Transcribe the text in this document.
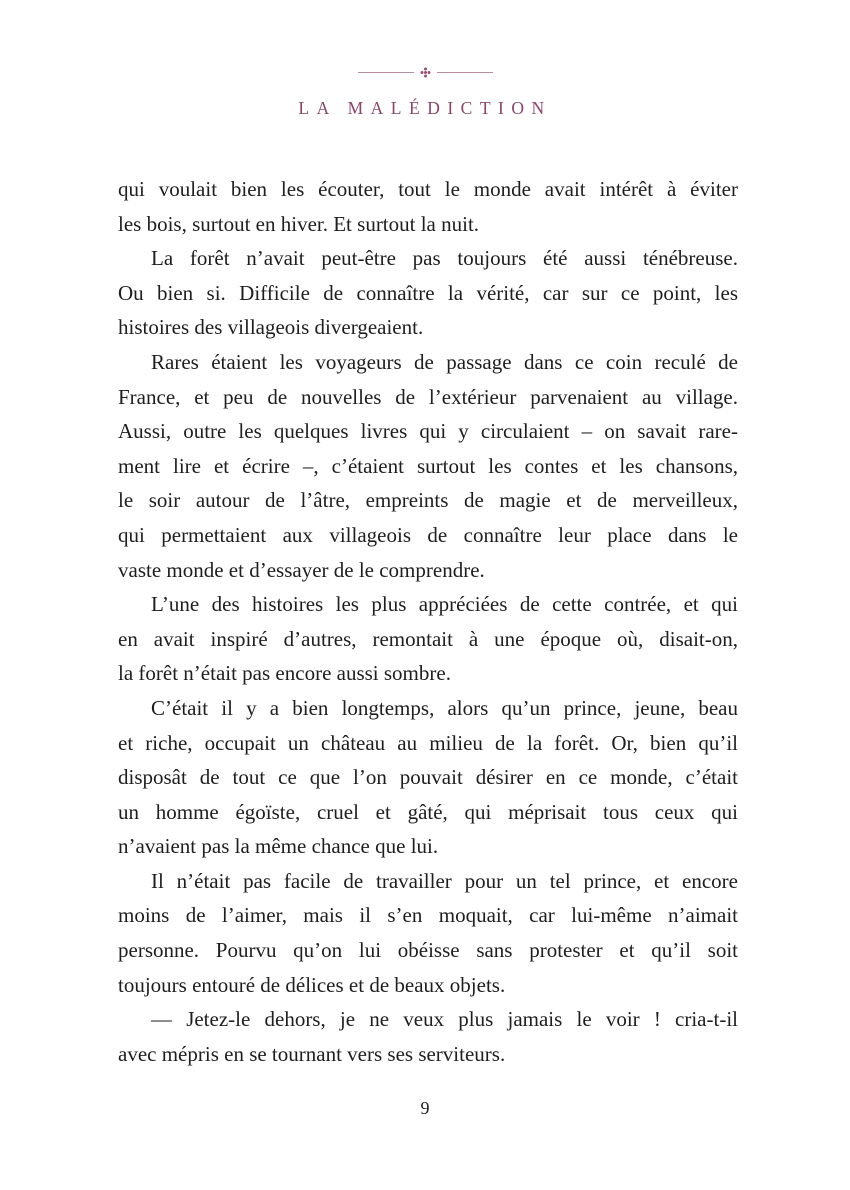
LA MALÉDICTION

qui voulait bien les écouter, tout le monde avait intérêt à éviter
les bois, surtout en hiver. Et surtout la nuit.

La forêt n’avait peut-être pas toujours été aussi ténébreuse.
Ou bien si. Difficile de connaître la vérité, car sur ce point, les
histoires des villageois divergeaient.

Rares étaient les voyageurs de passage dans ce coin reculé de
France, et peu de nouvelles de l’extérieur parvenaient au village.
Aussi, outre les quelques livres qui y circulaient – on savait rare-
ment lire et écrire –, c’étaient surtout les contes et les chansons,
le soir autour de l’âtre, empreints de magie et de merveilleux,
qui permettaient aux villageois de connaître leur place dans le
vaste monde et d’essayer de le comprendre.

L’une des histoires les plus appréciées de cette contrée, et qui
en avait inspiré d’autres, remontait à une époque où, disait-on,
la forêt n’était pas encore aussi sombre.

C’était il y a bien longtemps, alors qu’un prince, jeune, beau
et riche, occupait un château au milieu de la forêt. Or, bien qu’il
disposât de tout ce que l’on pouvait désirer en ce monde, c’était
un homme égoïste, cruel et gâté, qui méprisait tous ceux qui
n’avaient pas la même chance que lui.

Il n’était pas facile de travailler pour un tel prince, et encore
moins de l’aimer, mais il s’en moquait, car lui-même n’aimait
personne. Pourvu qu’on lui obéisse sans protester et qu’il soit
toujours entouré de délices et de beaux objets.

— Jetez-le dehors, je ne veux plus jamais le voir ! cria-t-il
avec mépris en se tournant vers ses serviteurs.

9
